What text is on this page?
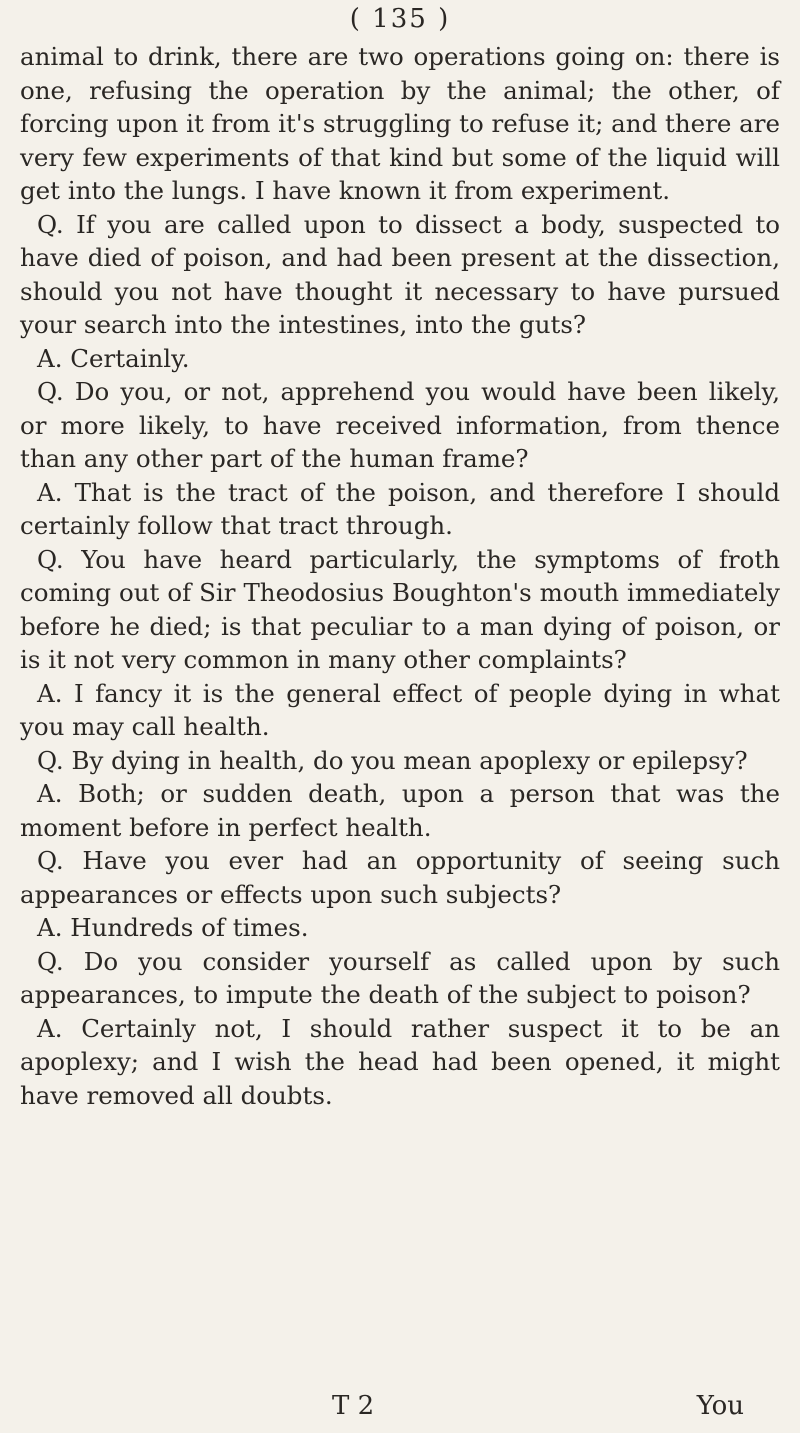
( 135 )

animal to drink, there are two operations going on: there is one, refusing the operation by the animal; the other, of forcing upon it from it's struggling to refuse it; and there are very few experiments of that kind but some of the liquid will get into the lungs. I have known it from experiment.

Q. If you are called upon to dissect a body, suspected to have died of poison, and had been present at the dissection, should you not have thought it necessary to have pursued your search into the intestines, into the guts?

A. Certainly.

Q. Do you, or not, apprehend you would have been likely, or more likely, to have received information, from thence than any other part of the human frame?

A. That is the tract of the poison, and therefore I should certainly follow that tract through.

Q. You have heard particularly, the symptoms of froth coming out of Sir Theodosius Boughton's mouth immediately before he died; is that peculiar to a man dying of poison, or is it not very common in many other complaints?

A. I fancy it is the general effect of people dying in what you may call health.

Q. By dying in health, do you mean apoplexy or epilepsy?

A. Both; or sudden death, upon a person that was the moment before in perfect health.

Q. Have you ever had an opportunity of seeing such appearances or effects upon such subjects?

A. Hundreds of times.

Q. Do you consider yourself as called upon by such appearances, to impute the death of the subject to poison?

A. Certainly not, I should rather suspect it to be an apoplexy; and I wish the head had been opened, it might have removed all doubts.

T 2	You
